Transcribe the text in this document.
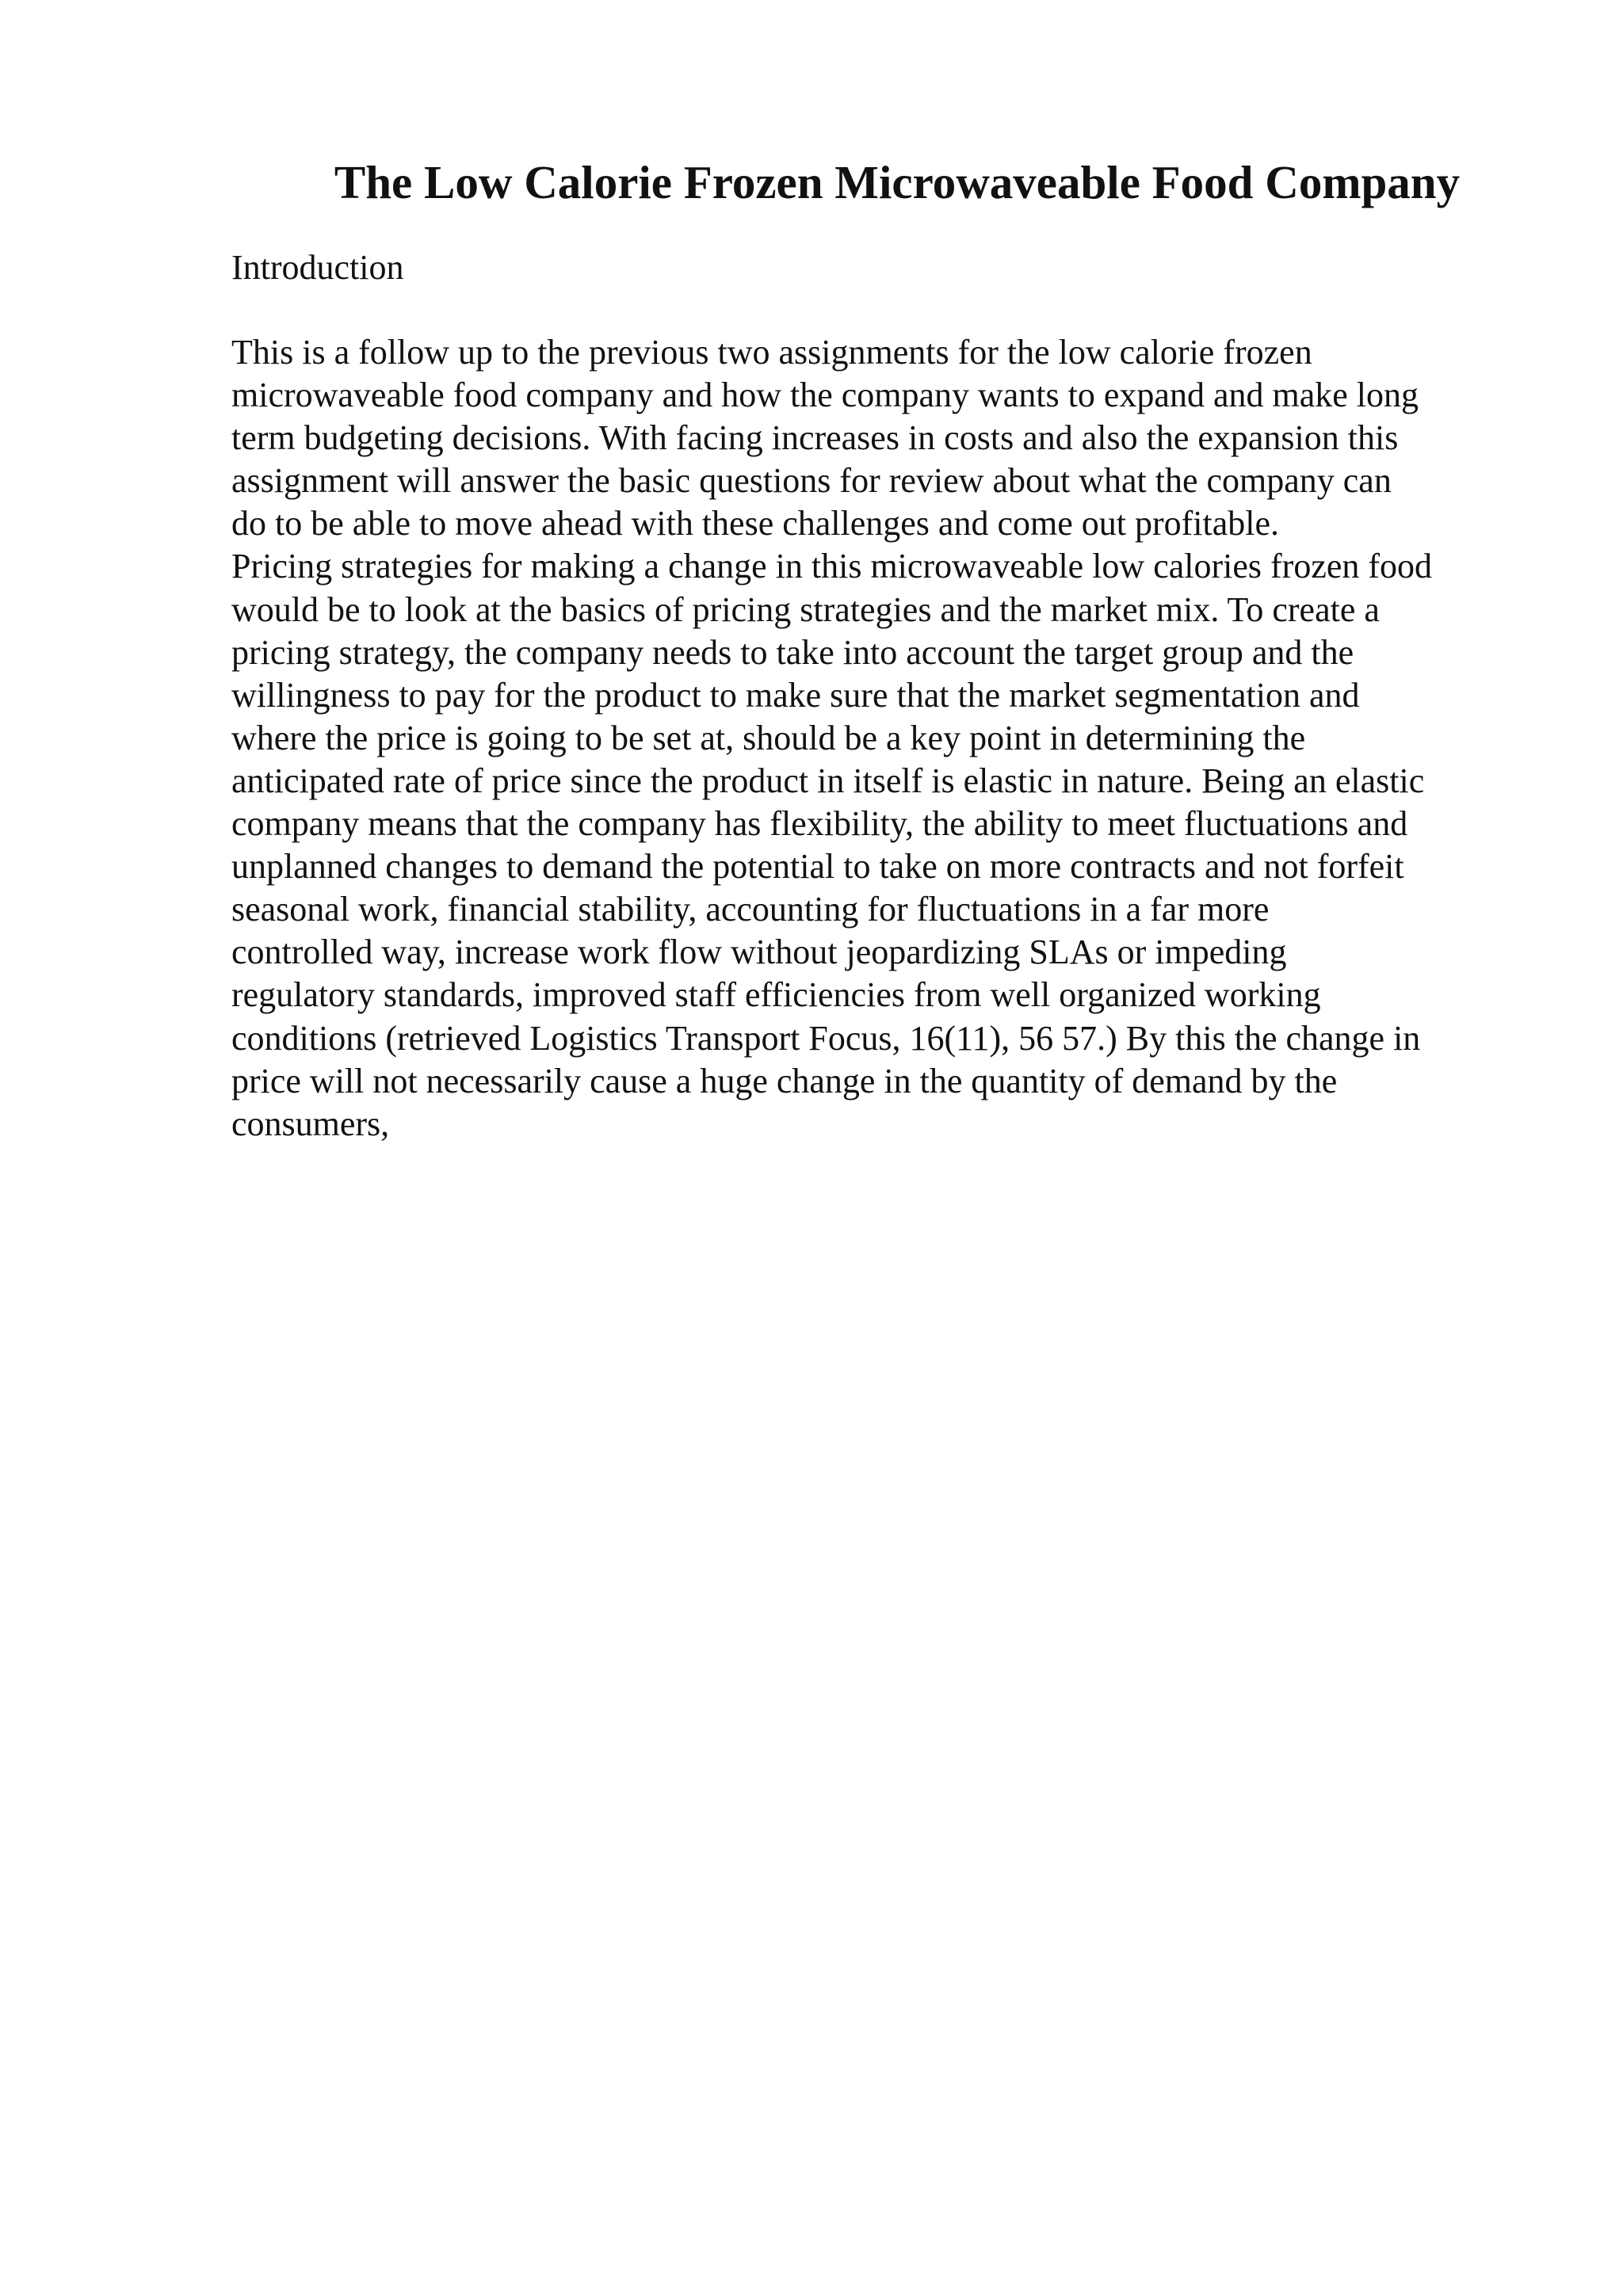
The Low Calorie Frozen Microwaveable Food Company
Introduction
This is a follow up to the previous two assignments for the low calorie frozen
microwaveable food company and how the company wants to expand and make long
term budgeting decisions. With facing increases in costs and also the expansion this
assignment will answer the basic questions for review about what the company can
do to be able to move ahead with these challenges and come out profitable.
Pricing strategies for making a change in this microwaveable low calories frozen food
would be to look at the basics of pricing strategies and the market mix. To create a
pricing strategy, the company needs to take into account the target group and the
willingness to pay for the product to make sure that the market segmentation and
where the price is going to be set at, should be a key point in determining the
anticipated rate of price since the product in itself is elastic in nature. Being an elastic
company means that the company has flexibility, the ability to meet fluctuations and
unplanned changes to demand the potential to take on more contracts and not forfeit
seasonal work, financial stability, accounting for fluctuations in a far more
controlled way, increase work flow without jeopardizing SLAs or impeding
regulatory standards, improved staff efficiencies from well organized working
conditions (retrieved Logistics Transport Focus, 16(11), 56 57.) By this the change in
price will not necessarily cause a huge change in the quantity of demand by the
consumers,
